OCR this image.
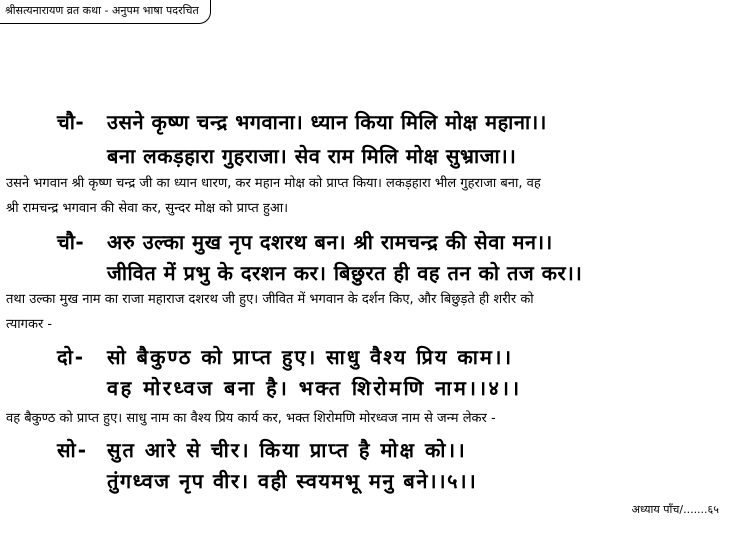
श्रीसत्यनारायण व्रत कथा - अनुपम भाषा पदरचित
चौ- उसने कृष्ण चन्द्र भगवाना। ध्यान किया मिलि मोक्ष महाना।।
बना लकड़हारा गुहराजा। सेव राम मिलि मोक्ष सुभ्राजा।।
उसने भगवान श्री कृष्ण चन्द्र जी का ध्यान धारण, कर महान मोक्ष को प्राप्त किया। लकड़हारा भील गुहराजा बना, वह
श्री रामचन्द्र भगवान की सेवा कर, सुन्दर मोक्ष को प्राप्त हुआ।
चौ- अरु उल्का मुख नृप दशरथ बन। श्री रामचन्द्र की सेवा मन।।
जीवित में प्रभु के दरशन कर। बिछुरत ही वह तन को तज कर।।
तथा उल्का मुख नाम का राजा महाराज दशरथ जी हुए। जीवित में भगवान के दर्शन किए, और बिछुड़ते ही शरीर को
त्यागकर -
दो- सो बैकुण्ठ को प्राप्त हुए। साधु वैश्य प्रिय काम।।
वह मोरध्वज बना है। भक्त शिरोमणि नाम।।४।।
वह बैकुण्ठ को प्राप्त हुए। साधु नाम का वैश्य प्रिय कार्य कर, भक्त शिरोमणि मोरध्वज नाम से जन्म लेकर -
सो- सुत आरे से चीर। किया प्राप्त है मोक्ष को।।
तुंगध्वज नृप वीर। वही स्वयमभू मनु बने।।५।।
अध्याय पाँच/.......६५
